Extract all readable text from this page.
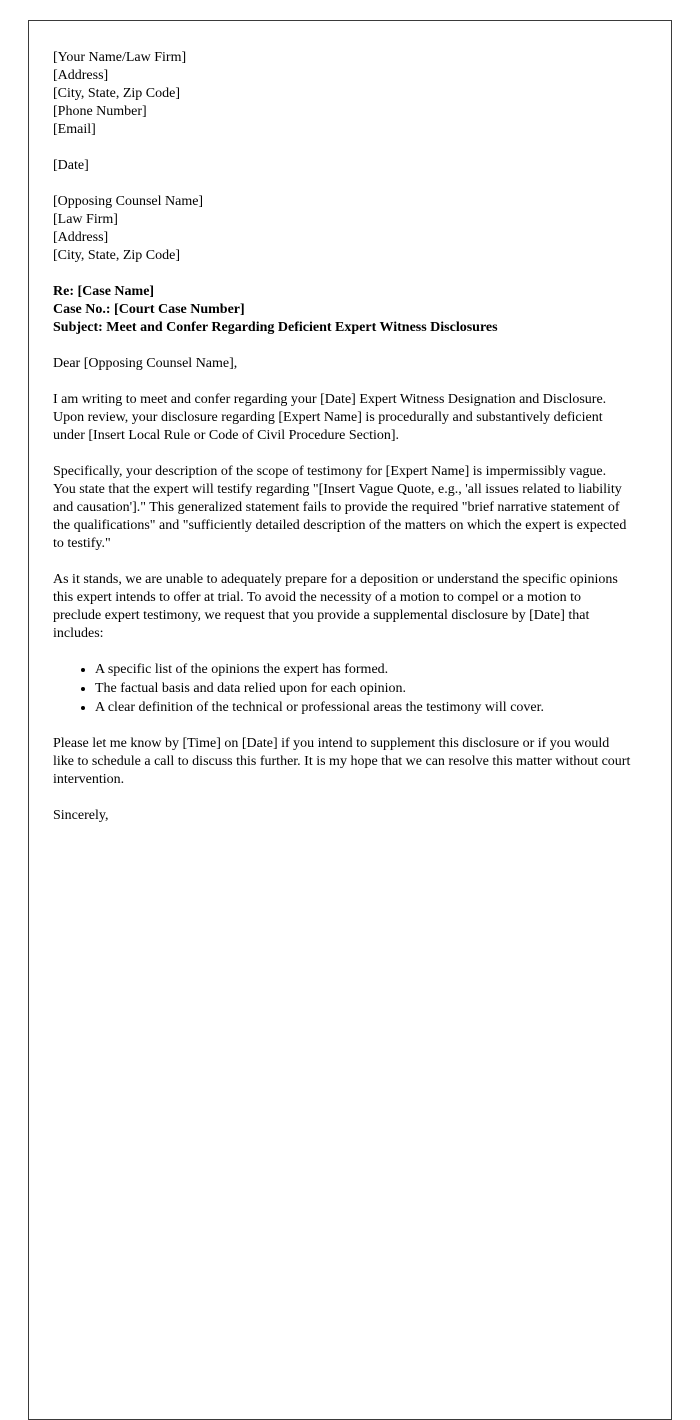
[Your Name/Law Firm]
[Address]
[City, State, Zip Code]
[Phone Number]
[Email]
[Date]
[Opposing Counsel Name]
[Law Firm]
[Address]
[City, State, Zip Code]
Re: [Case Name]
Case No.: [Court Case Number]
Subject: Meet and Confer Regarding Deficient Expert Witness Disclosures

Dear [Opposing Counsel Name],

I am writing to meet and confer regarding your [Date] Expert Witness Designation and Disclosure. Upon review, your disclosure regarding [Expert Name] is procedurally and substantively deficient under [Insert Local Rule or Code of Civil Procedure Section].

Specifically, your description of the scope of testimony for [Expert Name] is impermissibly vague. You state that the expert will testify regarding "[Insert Vague Quote, e.g., 'all issues related to liability and causation']." This generalized statement fails to provide the required "brief narrative statement of the qualifications" and "sufficiently detailed description of the matters on which the expert is expected to testify."

As it stands, we are unable to adequately prepare for a deposition or understand the specific opinions this expert intends to offer at trial. To avoid the necessity of a motion to compel or a motion to preclude expert testimony, we request that you provide a supplemental disclosure by [Date] that includes:

• A specific list of the opinions the expert has formed.
• The factual basis and data relied upon for each opinion.
• A clear definition of the technical or professional areas the testimony will cover.

Please let me know by [Time] on [Date] if you intend to supplement this disclosure or if you would like to schedule a call to discuss this further. It is my hope that we can resolve this matter without court intervention.

Sincerely,
